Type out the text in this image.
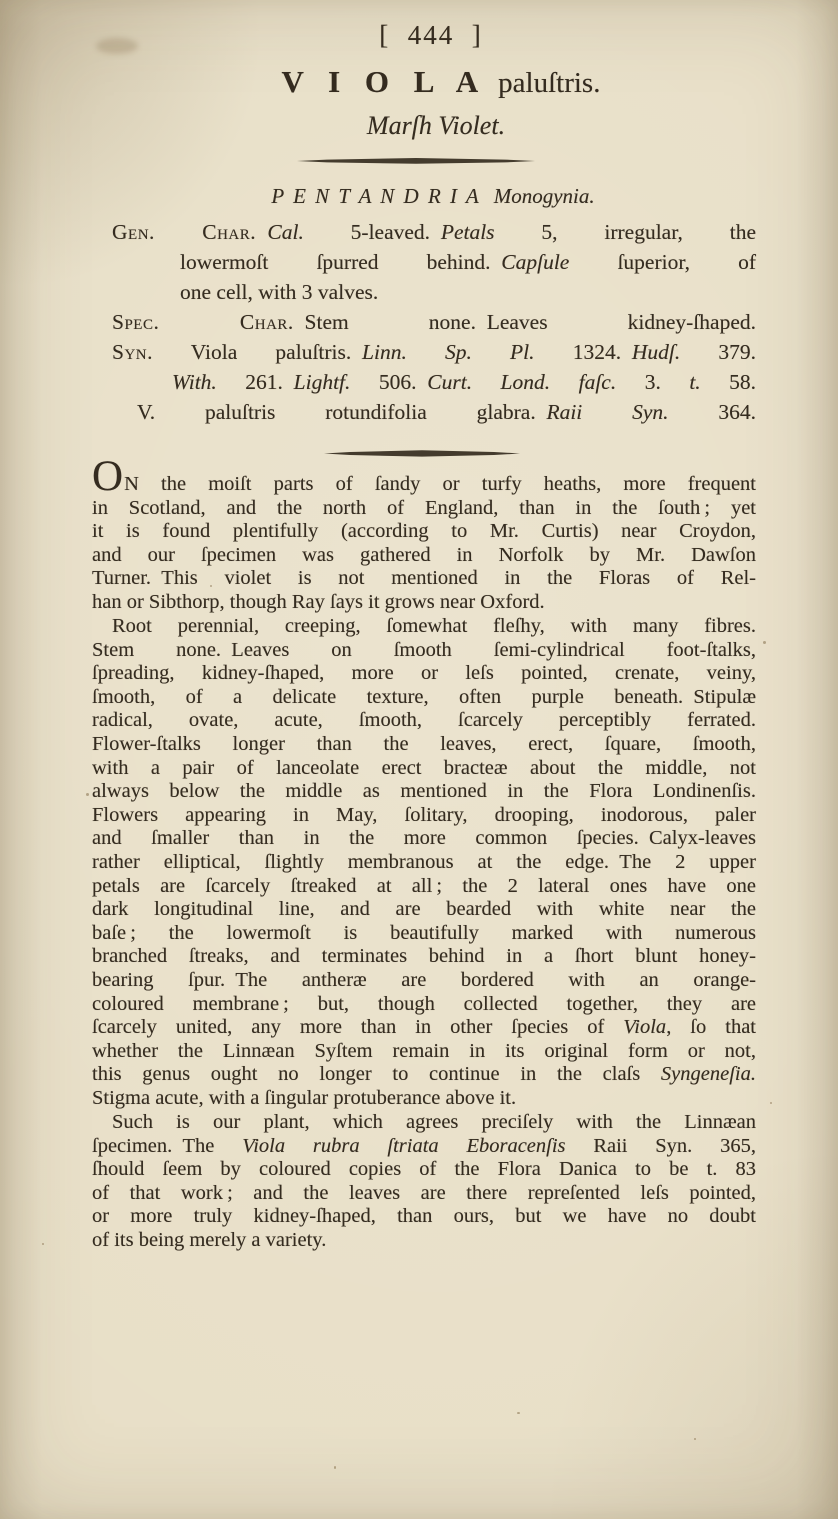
[  444  ]
V I O L A paluſtris.
Marſh Violet.
P E N T A N D R I A Monogynia.
Gen. Char. Cal. 5-leaved. Petals 5, irregular, the
lowermoſt ſpurred behind. Capſule ſuperior, of
one cell, with 3 valves.
Spec. Char. Stem none. Leaves kidney-ſhaped.
Syn. Viola paluſtris. Linn. Sp. Pl. 1324. Hudſ. 379.
With. 261. Lightf. 506. Curt. Lond. faſc. 3. t. 58.
V. paluſtris rotundifolia glabra. Raii Syn. 364.
ON the moiſt parts of ſandy or turfy heaths, more frequent
in Scotland, and the north of England, than in the ſouth ; yet
it is found plentifully (according to Mr. Curtis) near Croydon,
and our ſpecimen was gathered in Norfolk by Mr. Dawſon
Turner. This violet is not mentioned in the Floras of Rel-
han or Sibthorp, though Ray ſays it grows near Oxford.
Root perennial, creeping, ſomewhat fleſhy, with many fibres.
Stem none. Leaves on ſmooth ſemi-cylindrical foot-ſtalks,
ſpreading, kidney-ſhaped, more or leſs pointed, crenate, veiny,
ſmooth, of a delicate texture, often purple beneath. Stipulæ
radical, ovate, acute, ſmooth, ſcarcely perceptibly ferrated.
Flower-ſtalks longer than the leaves, erect, ſquare, ſmooth,
with a pair of lanceolate erect bracteæ about the middle, not
always below the middle as mentioned in the Flora Londinenſis.
Flowers appearing in May, ſolitary, drooping, inodorous, paler
and ſmaller than in the more common ſpecies. Calyx-leaves
rather elliptical, ſlightly membranous at the edge. The 2 upper
petals are ſcarcely ſtreaked at all ; the 2 lateral ones have one
dark longitudinal line, and are bearded with white near the
baſe ; the lowermoſt is beautifully marked with numerous
branched ſtreaks, and terminates behind in a ſhort blunt honey-
bearing ſpur. The antheræ are bordered with an orange-
coloured membrane ; but, though collected together, they are
ſcarcely united, any more than in other ſpecies of Viola, ſo that
whether the Linnæan Syſtem remain in its original form or not,
this genus ought no longer to continue in the claſs Syngeneſia.
Stigma acute, with a ſingular protuberance above it.
Such is our plant, which agrees preciſely with the Linnæan
ſpecimen. The Viola rubra ſtriata Eboracenſis Raii Syn. 365,
ſhould ſeem by coloured copies of the Flora Danica to be t. 83
of that work ; and the leaves are there repreſented leſs pointed,
or more truly kidney-ſhaped, than ours, but we have no doubt
of its being merely a variety.
